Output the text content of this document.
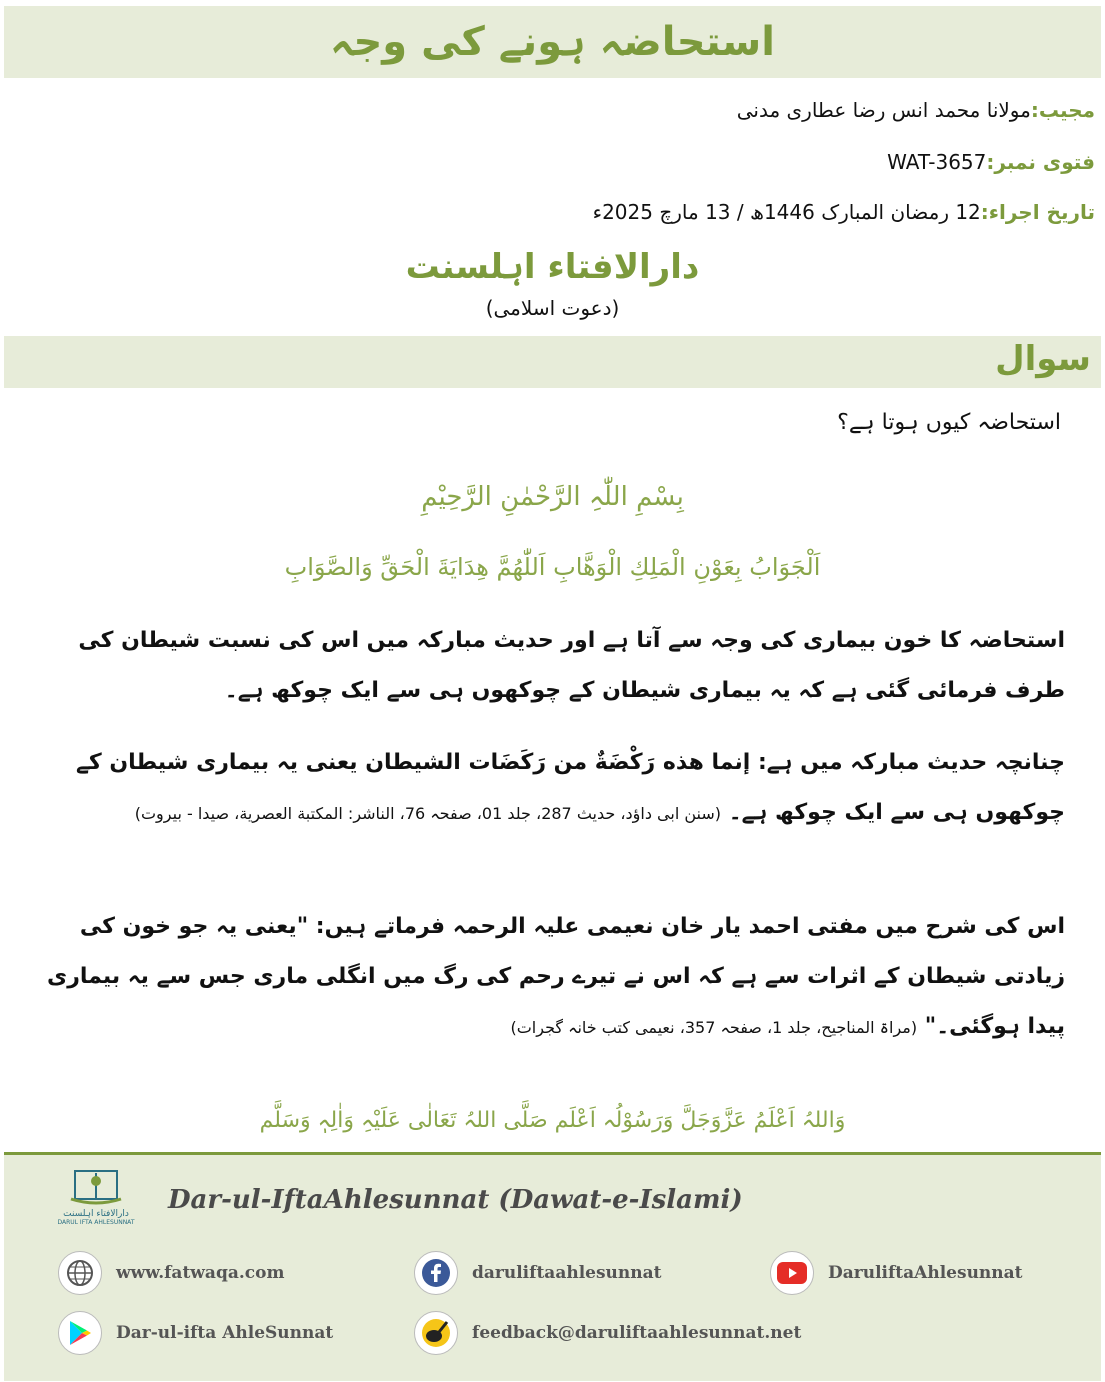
استحاضہ ہونے کی وجہ
مجیب:مولانا محمد انس رضا عطاری مدنی
فتوی نمبر:WAT-3657
تاریخ اجراء:12 رمضان المبارک 1446ھ / 13 مارچ 2025ء
دارالافتاء اہلسنت
(دعوت اسلامی)
سوال
استحاضہ کیوں ہوتا ہے؟
بِسْمِ اللّٰہِ الرَّحْمٰنِ الرَّحِیْمِ
اَلْجَوَابُ بِعَوْنِ الْمَلِكِ الْوَهَّابِ اَللّٰهُمَّ هِدَايَةَ الْحَقِّ وَالصَّوَابِ
استحاضہ کا خون بیماری کی وجہ سے آتا ہے اور حدیث مبارکہ میں اس کی نسبت شیطان کی طرف فرمائی گئی ہے کہ یہ بیماری شیطان کے چوکھوں ہی سے ایک چوکھ ہے۔
چنانچہ حدیث مبارکہ میں ہے: إنما هذه رَكْضَةٌ من رَكَضَات الشيطان یعنی یہ بیماری شیطان کے چوکھوں ہی سے ایک چوکھ ہے۔ (سنن ابی داؤد، حدیث 287، جلد 01، صفحہ 76، الناشر: المكتبة العصرية، صيدا - بيروت)
اس کی شرح میں مفتی احمد یار خان نعیمی علیہ الرحمہ فرماتے ہیں: "یعنی یہ جو خون کی زیادتی شیطان کے اثرات سے ہے کہ اس نے تیرے رحم کی رگ میں انگلی ماری جس سے یہ بیماری پیدا ہوگئی۔" (مراۃ المناجیح، جلد 1، صفحہ 357، نعیمی کتب خانہ گجرات)
وَاللہُ اَعْلَمُ عَزَّوَجَلَّ وَرَسُوْلُہ اَعْلَم صَلَّی اللہُ تَعَالٰی عَلَیْہِ وَاٰلِہٖ وَسَلَّم
دارالافتاء اہلسنت
DARUL IFTA AHLESUNNAT
Dar-ul-IftaAhlesunnat (Dawat-e-Islami)
www.fatwaqa.com	daruliftaahlesunnat	DaruliftaAhlesunnat
Dar-ul-ifta AhleSunnat	feedback@daruliftaahlesunnat.net
